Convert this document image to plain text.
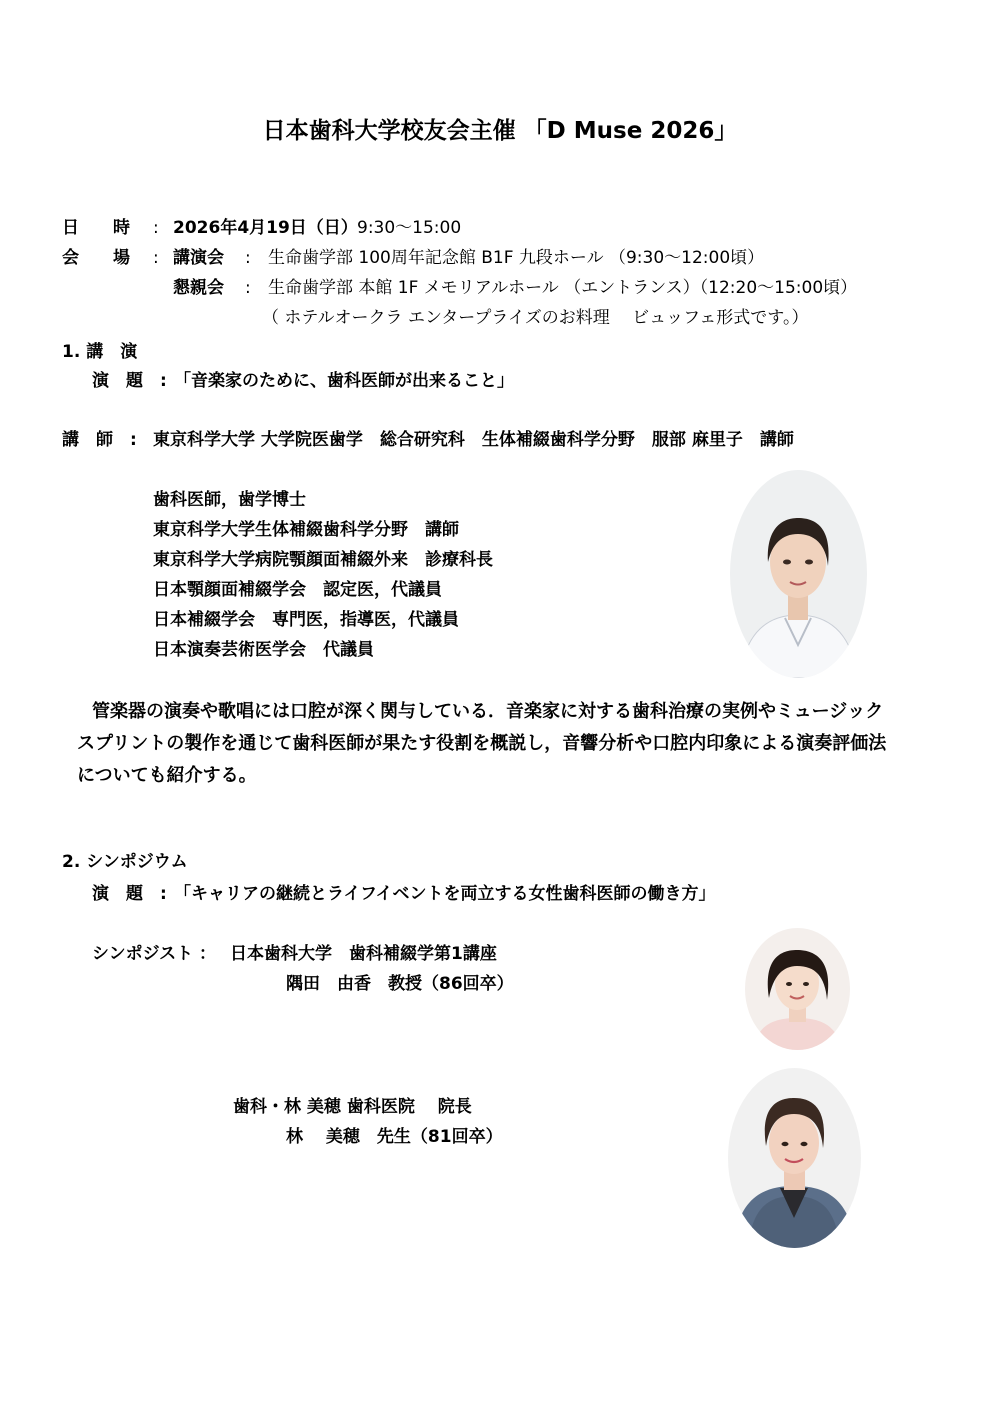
日本歯科大学校友会主催 「D Muse 2026」
日　　時 : 2026年4月19日（日） 9:30〜15:00
会　　場 : 講演会 : 生命歯学部 100周年記念館 B1F 九段ホール （9:30〜12:00頃）
懇親会 : 生命歯学部 本館 1F メモリアルホール （エントランス）（12:20〜15:00頃）
（ ホテルオークラ エンタープライズのお料理　 ビュッフェ形式です。）
1. 講　演
演　題 : 「音楽家のために、歯科医師が出来ること」
講　師 : 東京科学大学 大学院医歯学　総合研究科　生体補綴歯科学分野　服部 麻里子　講師
歯科医師，歯学博士
東京科学大学生体補綴歯科学分野　講師
東京科学大学病院顎顔面補綴外来　診療科長
日本顎顔面補綴学会　認定医，代議員
日本補綴学会　専門医，指導医，代議員
日本演奏芸術医学会　代議員
管楽器の演奏や歌唱には口腔が深く関与している．音楽家に対する歯科治療の実例やミュージック
スプリントの製作を通じて歯科医師が果たす役割を概説し，音響分析や口腔内印象による演奏評価法
についても紹介する。
2. シンポジウム
演　題 : 「キャリアの継続とライフイベントを両立する女性歯科医師の働き方」
シンポジスト ： 日本歯科大学　歯科補綴学第1講座
隅田　由香　教授（86回卒）
歯科・林 美穂 歯科医院　 院長
林　 美穂　先生（81回卒）
